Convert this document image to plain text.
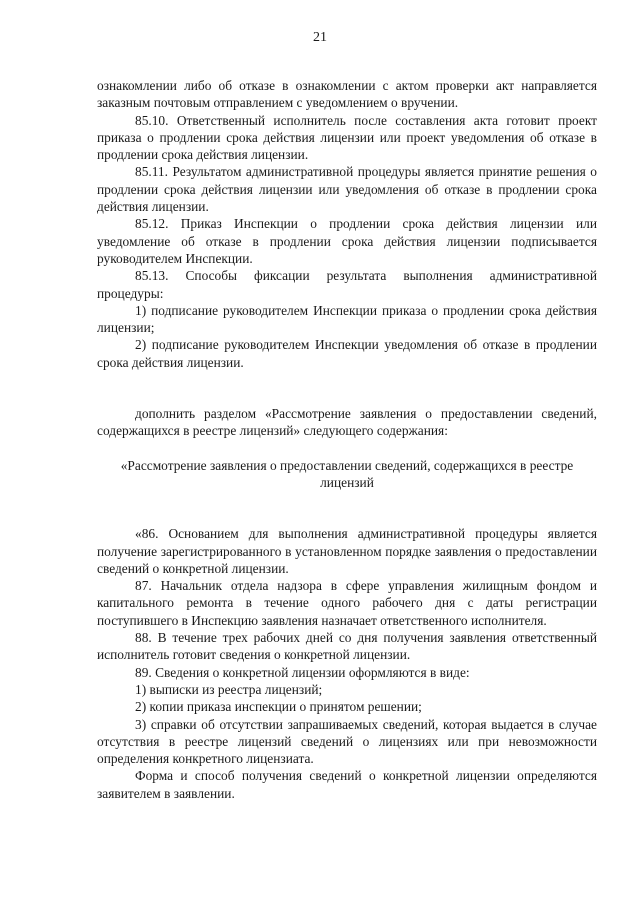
21

ознакомлении либо об отказе в ознакомлении с актом проверки акт направляется заказным почтовым отправлением с уведомлением о вручении.

85.10. Ответственный исполнитель после составления акта готовит проект приказа о продлении срока действия лицензии или проект уведомления об отказе в продлении срока действия лицензии.

85.11. Результатом административной процедуры является принятие решения о продлении срока действия лицензии или уведомления об отказе в продлении срока действия лицензии.

85.12. Приказ Инспекции о продлении срока действия лицензии или уведомление об отказе в продлении срока действия лицензии подписывается руководителем Инспекции.

85.13. Способы фиксации результата выполнения административной процедуры:

1) подписание руководителем Инспекции приказа о продлении срока действия лицензии;

2) подписание руководителем Инспекции уведомления об отказе в продлении срока действия лицензии.

дополнить разделом «Рассмотрение заявления о предоставлении сведений, содержащихся в реестре лицензий» следующего содержания:

«Рассмотрение заявления о предоставлении сведений, содержащихся в реестре лицензий

«86. Основанием для выполнения административной процедуры является получение зарегистрированного в установленном порядке заявления о предоставлении сведений о конкретной лицензии.

87. Начальник отдела надзора в сфере управления жилищным фондом и капитального ремонта в течение одного рабочего дня с даты регистрации поступившего в Инспекцию заявления назначает ответственного исполнителя.

88. В течение трех рабочих дней со дня получения заявления ответственный исполнитель готовит сведения о конкретной лицензии.

89. Сведения о конкретной лицензии оформляются в виде:

1) выписки из реестра лицензий;

2) копии приказа инспекции о принятом решении;

3) справки об отсутствии запрашиваемых сведений, которая выдается в случае отсутствия в реестре лицензий сведений о лицензиях или при невозможности определения конкретного лицензиата.

Форма и способ получения сведений о конкретной лицензии определяются заявителем в заявлении.
